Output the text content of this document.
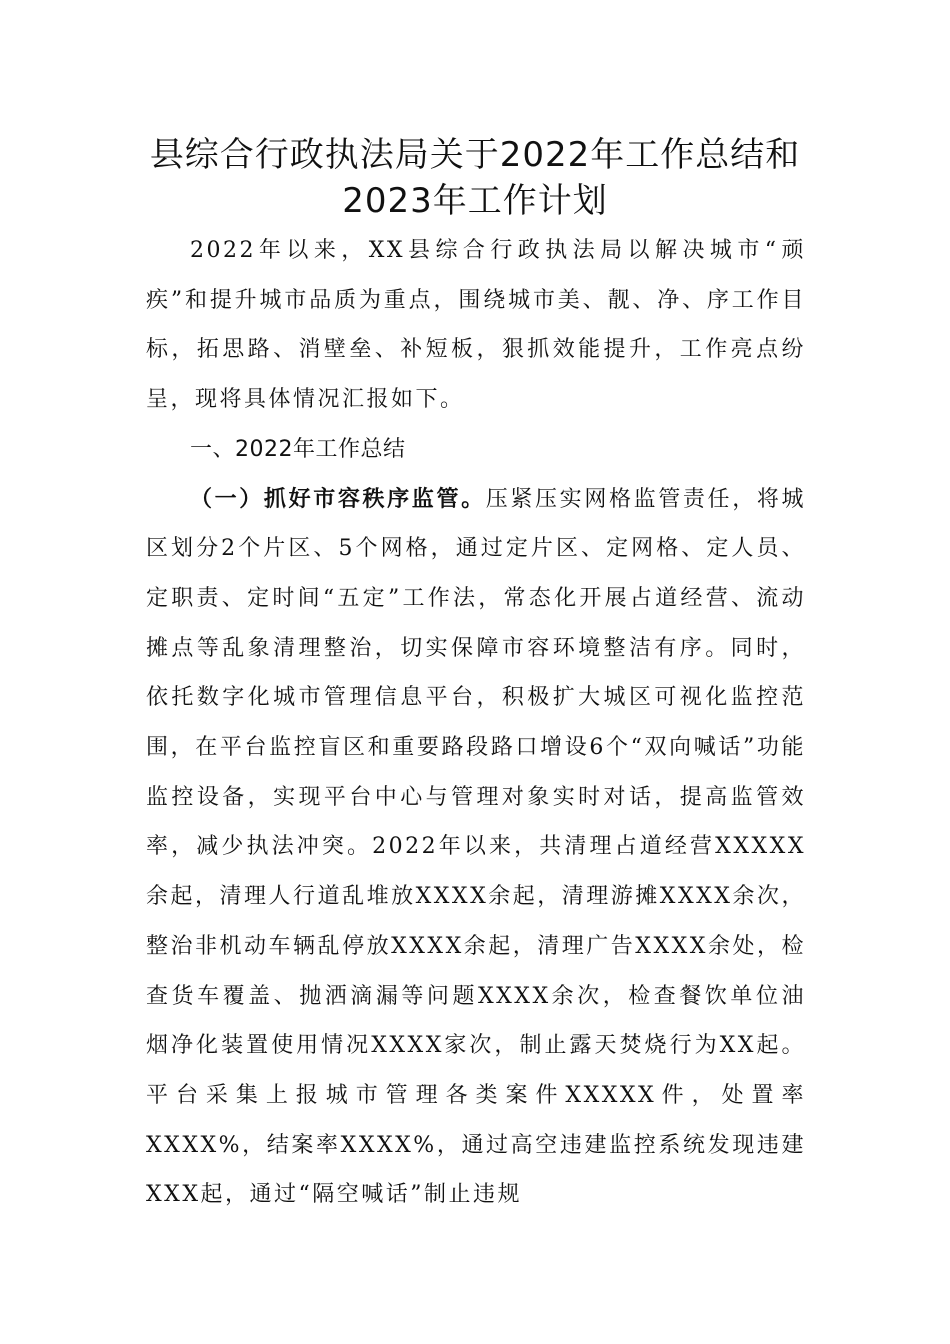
县综合行政执法局关于2022年工作总结和
2023年工作计划

2022年以来，XX县综合行政执法局以解决城市“顽疾”和提升城市品质为重点，围绕城市美、靓、净、序工作目标，拓思路、消壁垒、补短板，狠抓效能提升，工作亮点纷呈，现将具体情况汇报如下。

一、2022年工作总结

（一）抓好市容秩序监管。压紧压实网格监管责任，将城区划分2个片区、5个网格，通过定片区、定网格、定人员、定职责、定时间“五定”工作法，常态化开展占道经营、流动摊点等乱象清理整治，切实保障市容环境整洁有序。同时，依托数字化城市管理信息平台，积极扩大城区可视化监控范围，在平台监控盲区和重要路段路口增设6个“双向喊话”功能监控设备，实现平台中心与管理对象实时对话，提高监管效率，减少执法冲突。2022年以来，共清理占道经营XXXXX余起，清理人行道乱堆放XXXX余起，清理游摊XXXX余次，整治非机动车辆乱停放XXXX余起，清理广告XXXX余处，检查货车覆盖、抛洒滴漏等问题XXXX余次，检查餐饮单位油烟净化装置使用情况XXXX家次，制止露天焚烧行为XX起。平台采集上报城市管理各类案件XXXXX件，处置率XXXX%，结案率XXXX%，通过高空违建监控系统发现违建XXX起，通过“隔空喊话”制止违规
